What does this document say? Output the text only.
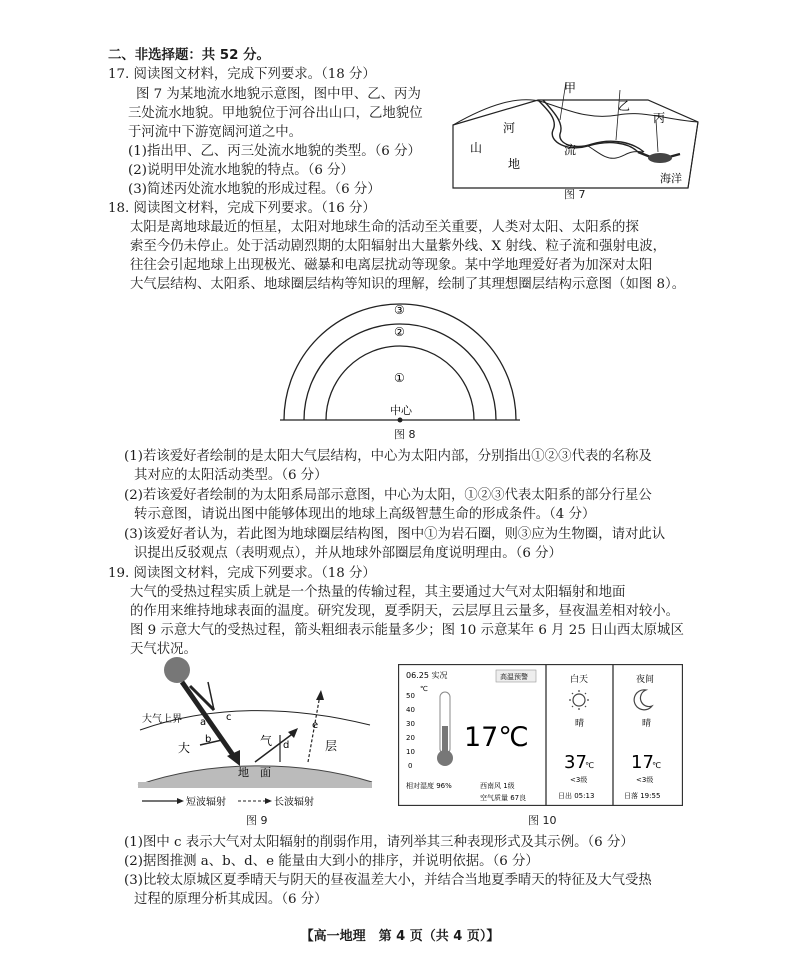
二、非选择题：共 52 分。
17. 阅读图文材料，完成下列要求。（18 分）
图 7 为某地流水地貌示意图，图中甲、乙、丙为
三处流水地貌。甲地貌位于河谷出山口，乙地貌位
于河流中下游宽阔河道之中。
(1)指出甲、乙、丙三处流水地貌的类型。（6 分）
(2)说明甲处流水地貌的特点。（6 分）
(3)简述丙处流水地貌的形成过程。（6 分）
甲
乙
丙
河
流
山
地
海洋
图 7
18. 阅读图文材料，完成下列要求。（16 分）
太阳是离地球最近的恒星，太阳对地球生命的活动至关重要，人类对太阳、太阳系的探
索至今仍未停止。处于活动剧烈期的太阳辐射出大量紫外线、X 射线、粒子流和强射电波，
往往会引起地球上出现极光、磁暴和电离层扰动等现象。某中学地理爱好者为加深对太阳
大气层结构、太阳系、地球圈层结构等知识的理解，绘制了其理想圈层结构示意图（如图 8）。
③
②
①
中心
图 8
(1)若该爱好者绘制的是太阳大气层结构，中心为太阳内部，分别指出①②③代表的名称及
其对应的太阳活动类型。（6 分）
(2)若该爱好者绘制的为太阳系局部示意图，中心为太阳，①②③代表太阳系的部分行星公
转示意图，请说出图中能够体现出的地球上高级智慧生命的形成条件。（4 分）
(3)该爱好者认为，若此图为地球圈层结构图，图中①为岩石圈，则③应为生物圈，请对此认
识提出反驳观点（表明观点），并从地球外部圈层角度说明理由。（6 分）
19. 阅读图文材料，完成下列要求。（18 分）
大气的受热过程实质上就是一个热量的传输过程，其主要通过大气对太阳辐射和地面
的作用来维持地球表面的温度。研究发现，夏季阴天，云层厚且云量多，昼夜温差相对较小。
图 9 示意大气的受热过程，箭头粗细表示能量多少；图 10 示意某年 6 月 25 日山西太原城区
天气状况。
大气上界
大	气	层
a
b
c
d
e
地　面
短波辐射	长波辐射
图 9
06.25 实况	高温预警
℃
50
40
30
20
10
0
17℃
相对湿度 96%	西南风 1级
空气质量 67良
白天
晴
37
℃
<3级
日出 05:13
夜间
晴
17
℃
<3级
日落 19:55
图 10
(1)图中 c 表示大气对太阳辐射的削弱作用，请列举其三种表现形式及其示例。（6 分）
(2)据图推测 a、b、d、e 能量由大到小的排序，并说明依据。（6 分）
(3)比较太原城区夏季晴天与阴天的昼夜温差大小，并结合当地夏季晴天的特征及大气受热
过程的原理分析其成因。（6 分）
【高一地理　第 4 页（共 4 页）】
